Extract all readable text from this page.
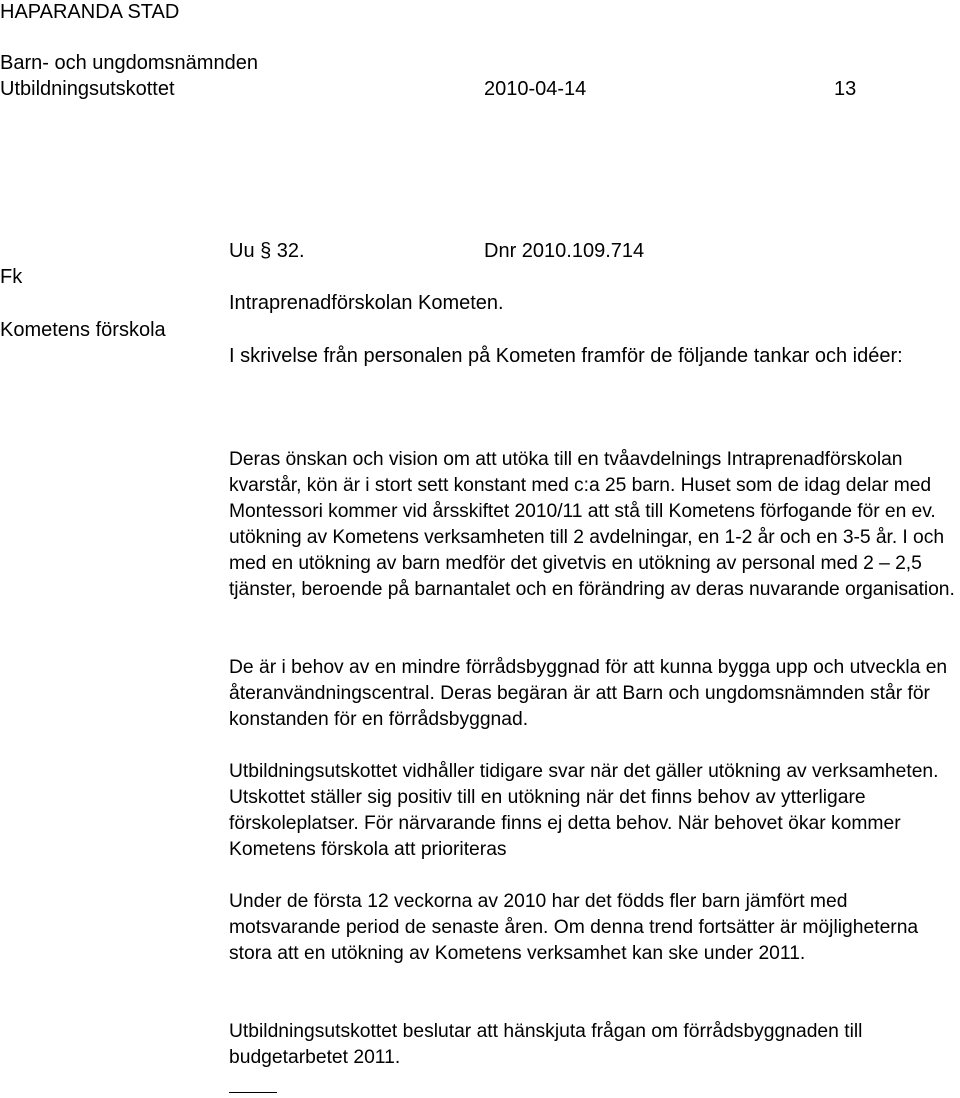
HAPARANDA STAD
Barn- och ungdomsnämnden
Utbildningsutskottet	2010-04-14	13
Fk
Kometens förskola
Uu § 32.	Dnr 2010.109.714
Intraprenadförskolan Kometen.

I skrivelse från personalen på Kometen framför de följande tankar och idéer:

Deras önskan och vision om att utöka till en tvåavdelnings Intraprenadförskolan kvarstår, kön är i stort sett konstant med c:a 25 barn. Huset som de idag delar med Montessori kommer vid årsskiftet 2010/11 att stå till Kometens förfogande för en ev. utökning av Kometens verksamheten till 2 avdelningar, en 1-2 år och en 3-5 år. I och med en utökning av barn medför det givetvis en utökning av personal med 2 – 2,5 tjänster, beroende på barnantalet och en förändring av deras nuvarande organisation.

De är i behov av en mindre förrådsbyggnad för att kunna bygga upp och utveckla en återanvändningscentral. Deras begäran är att Barn och ungdomsnämnden står för konstanden för en förrådsbyggnad.

Utbildningsutskottet vidhåller tidigare svar när det gäller utökning av verksamheten. Utskottet ställer sig positiv till en utökning när det finns behov av ytterligare förskoleplatser. För närvarande finns ej detta behov. När behovet ökar kommer Kometens förskola att prioriteras

Under de första 12 veckorna av 2010 har det födds fler barn jämfört med motsvarande period de senaste åren. Om denna trend fortsätter är möjligheterna stora att en utökning av Kometens verksamhet kan ske under 2011.

Utbildningsutskottet beslutar att hänskjuta frågan om förrådsbyggnaden till budgetarbetet 2011.
